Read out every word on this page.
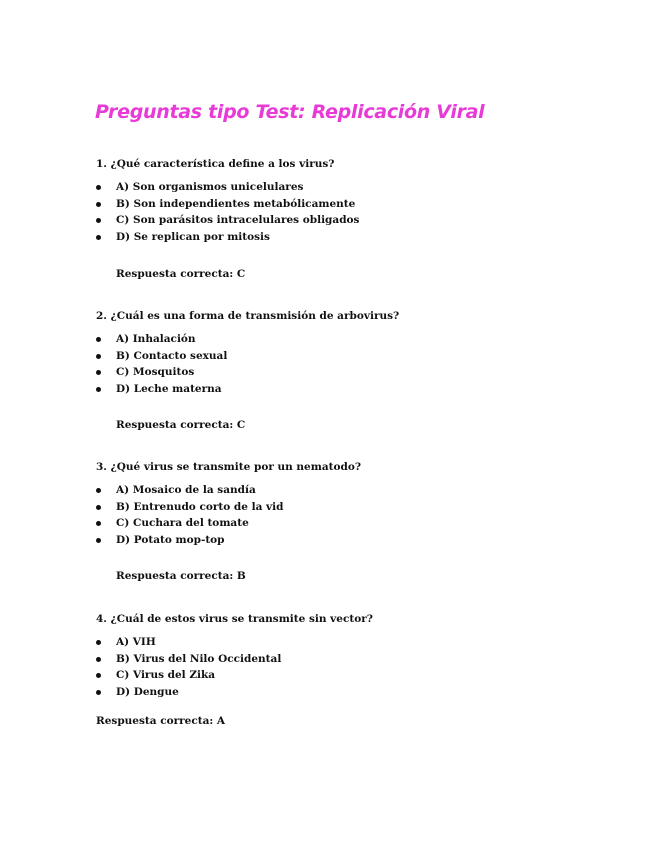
Preguntas tipo Test: Replicación Viral

1. ¿Qué característica define a los virus?

A) Son organismos unicelulares
B) Son independientes metabólicamente
C) Son parásitos intracelulares obligados
D) Se replican por mitosis

Respuesta correcta: C

2. ¿Cuál es una forma de transmisión de arbovirus?

A) Inhalación
B) Contacto sexual
C) Mosquitos
D) Leche materna

Respuesta correcta: C

3. ¿Qué virus se transmite por un nematodo?

A) Mosaico de la sandía
B) Entrenudo corto de la vid
C) Cuchara del tomate
D) Potato mop-top

Respuesta correcta: B

4. ¿Cuál de estos virus se transmite sin vector?

A) VIH
B) Virus del Nilo Occidental
C) Virus del Zika
D) Dengue

Respuesta correcta: A
